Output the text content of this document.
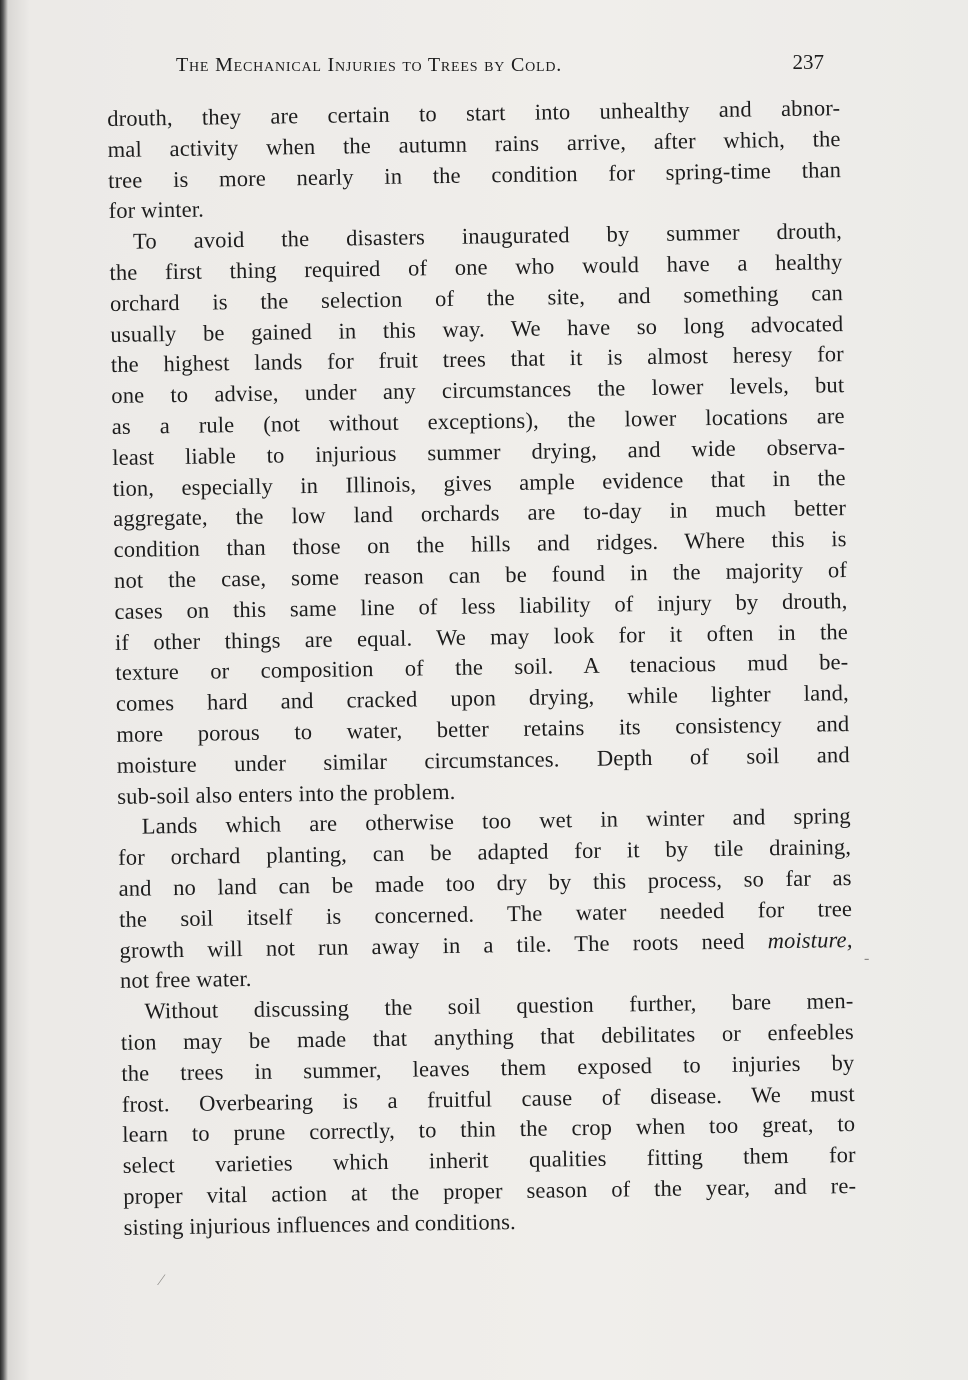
The Mechanical Injuries to Trees by Cold.	237
drouth, they are certain to start into unhealthy and abnor-
mal activity when the autumn rains arrive, after which, the
tree is more nearly in the condition for spring-time than
for winter.
To avoid the disasters inaugurated by summer drouth,
the first thing required of one who would have a healthy
orchard is the selection of the site, and something can
usually be gained in this way. We have so long advocated
the highest lands for fruit trees that it is almost heresy for
one to advise, under any circumstances the lower levels, but
as a rule (not without exceptions), the lower locations are
least liable to injurious summer drying, and wide observa-
tion, especially in Illinois, gives ample evidence that in the
aggregate, the low land orchards are to-day in much better
condition than those on the hills and ridges. Where this is
not the case, some reason can be found in the majority of
cases on this same line of less liability of injury by drouth,
if other things are equal. We may look for it often in the
texture or composition of the soil. A tenacious mud be-
comes hard and cracked upon drying, while lighter land,
more porous to water, better retains its consistency and
moisture under similar circumstances. Depth of soil and
sub-soil also enters into the problem.
Lands which are otherwise too wet in winter and spring
for orchard planting, can be adapted for it by tile draining,
and no land can be made too dry by this process, so far as
the soil itself is concerned. The water needed for tree
growth will not run away in a tile. The roots need moisture,
not free water.
Without discussing the soil question further, bare men-
tion may be made that anything that debilitates or enfeebles
the trees in summer, leaves them exposed to injuries by
frost. Overbearing is a fruitful cause of disease. We must
learn to prune correctly, to thin the crop when too great, to
select varieties which inherit qualities fitting them for
proper vital action at the proper season of the year, and re-
sisting injurious influences and conditions.
‐
⁄
